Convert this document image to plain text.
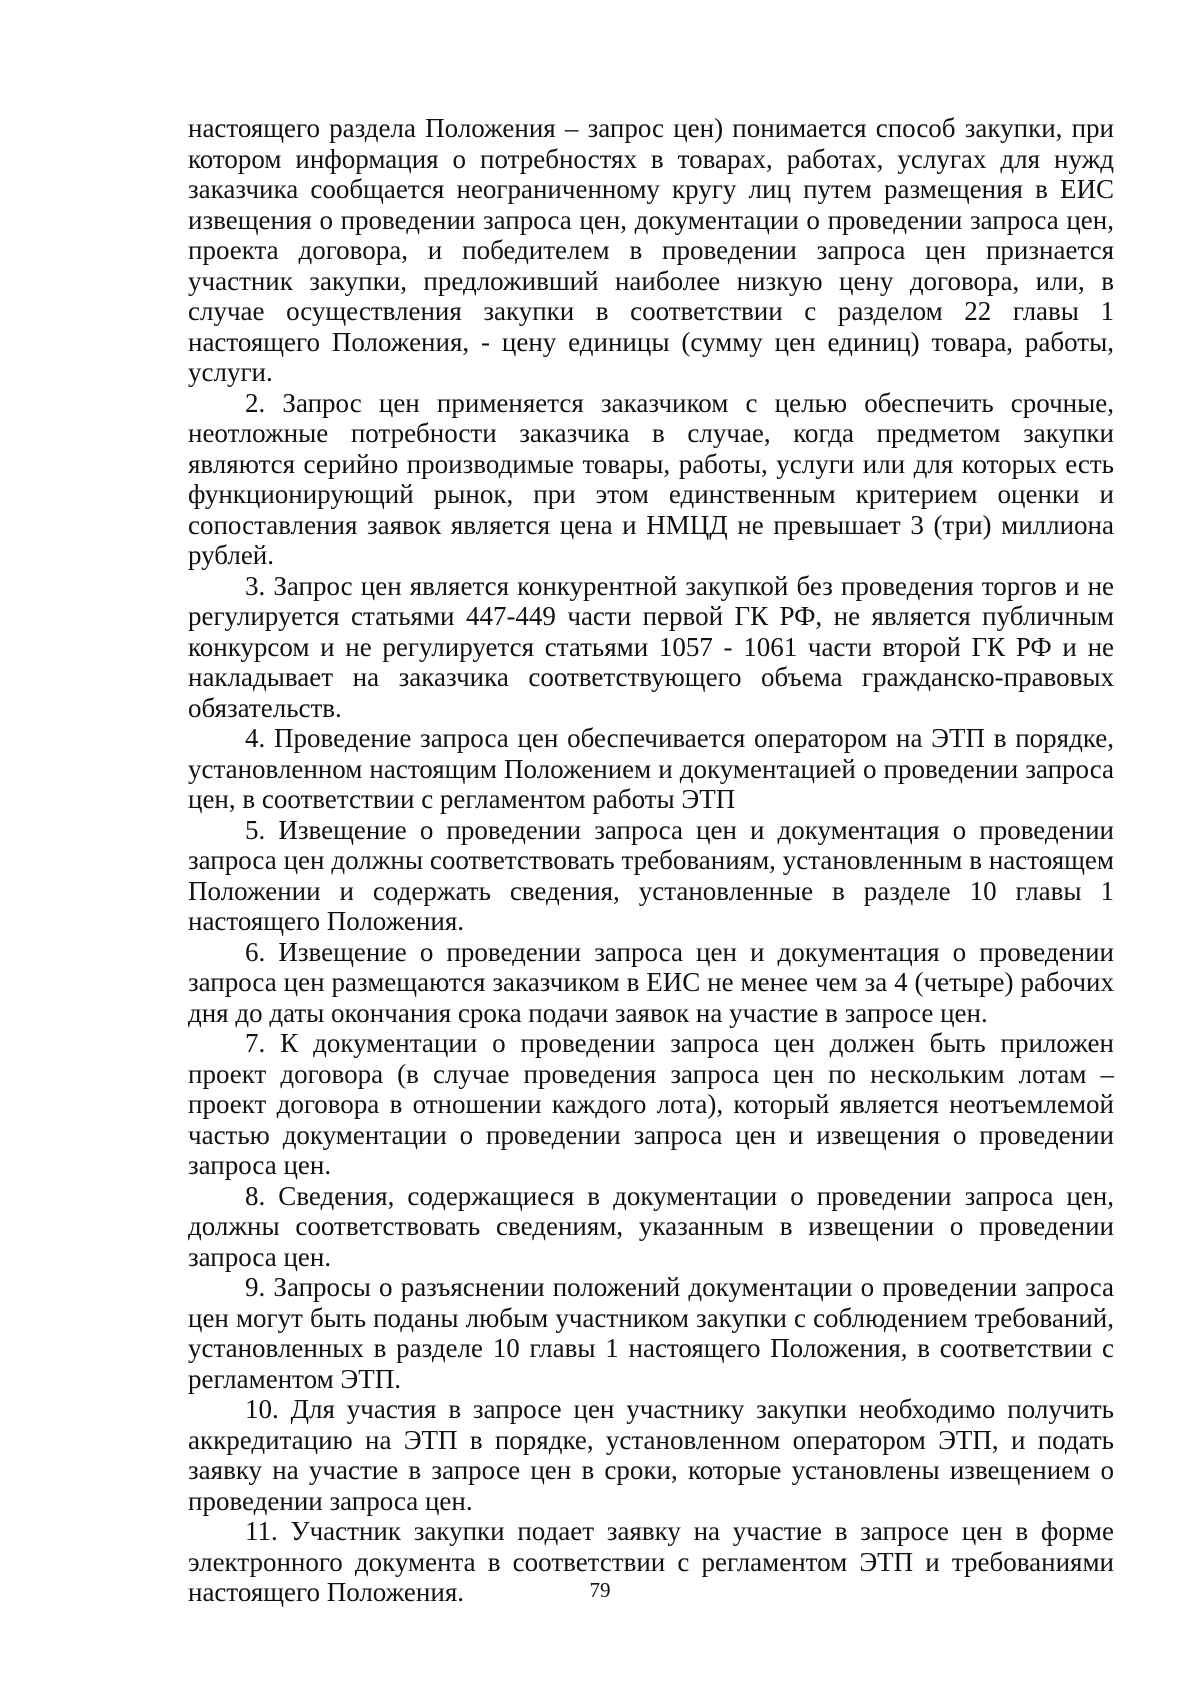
настоящего раздела Положения – запрос цен) понимается способ закупки, при котором информация о потребностях в товарах, работах, услугах для нужд заказчика сообщается неограниченному кругу лиц путем размещения в ЕИС извещения о проведении запроса цен, документации о проведении запроса цен, проекта договора, и победителем в проведении запроса цен признается участник закупки, предложивший наиболее низкую цену договора, или, в случае осуществления закупки в соответствии с разделом 22 главы 1 настоящего Положения, - цену единицы (сумму цен единиц) товара, работы, услуги.

2. Запрос цен применяется заказчиком с целью обеспечить срочные, неотложные потребности заказчика в случае, когда предметом закупки являются серийно производимые товары, работы, услуги или для которых есть функционирующий рынок, при этом единственным критерием оценки и сопоставления заявок является цена и НМЦД не превышает 3 (три) миллиона рублей.

3. Запрос цен является конкурентной закупкой без проведения торгов и не регулируется статьями 447-449 части первой ГК РФ, не является публичным конкурсом и не регулируется статьями 1057 - 1061 части второй ГК РФ и не накладывает на заказчика соответствующего объема гражданско-правовых обязательств.

4. Проведение запроса цен обеспечивается оператором на ЭТП в порядке, установленном настоящим Положением и документацией о проведении запроса цен, в соответствии с регламентом работы ЭТП

5. Извещение о проведении запроса цен и документация о проведении запроса цен должны соответствовать требованиям, установленным в настоящем Положении и содержать сведения, установленные в разделе 10 главы 1 настоящего Положения.

6. Извещение о проведении запроса цен и документация о проведении запроса цен размещаются заказчиком в ЕИС не менее чем за 4 (четыре) рабочих дня до даты окончания срока подачи заявок на участие в запросе цен.

7. К документации о проведении запроса цен должен быть приложен проект договора (в случае проведения запроса цен по нескольким лотам – проект договора в отношении каждого лота), который является неотъемлемой частью документации о проведении запроса цен и извещения о проведении запроса цен.

8. Сведения, содержащиеся в документации о проведении запроса цен, должны соответствовать сведениям, указанным в извещении о проведении запроса цен.

9. Запросы о разъяснении положений документации о проведении запроса цен могут быть поданы любым участником закупки с соблюдением требований, установленных в разделе 10 главы 1 настоящего Положения, в соответствии с регламентом ЭТП.

10. Для участия в запросе цен участнику закупки необходимо получить аккредитацию на ЭТП в порядке, установленном оператором ЭТП, и подать заявку на участие в запросе цен в сроки, которые установлены извещением о проведении запроса цен.

11. Участник закупки подает заявку на участие в запросе цен в форме электронного документа в соответствии с регламентом ЭТП и требованиями настоящего Положения.	79
